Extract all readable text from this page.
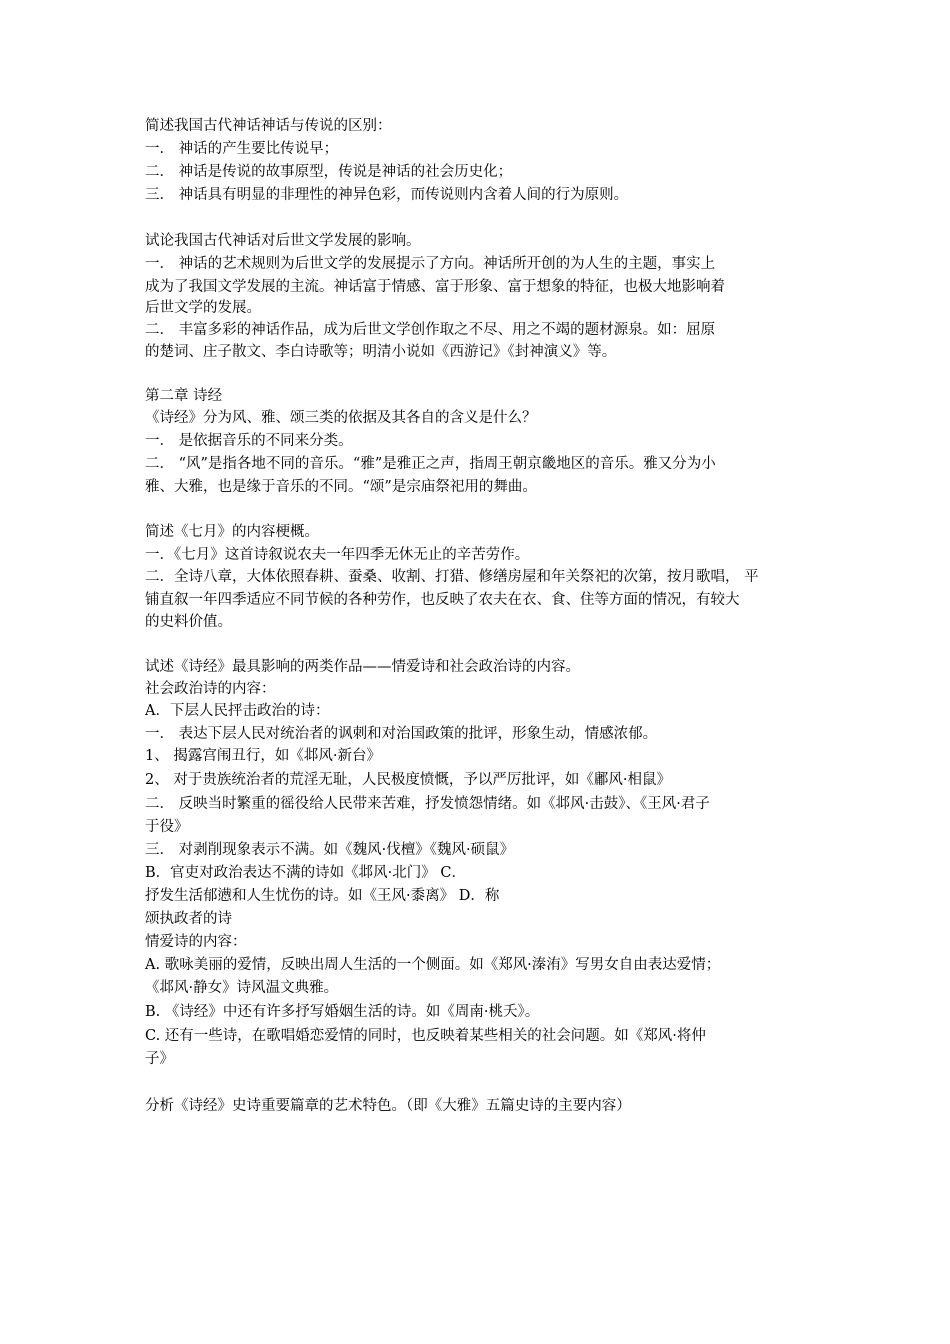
简述我国古代神话神话与传说的区别：
一． 神话的产生要比传说早；
二． 神话是传说的故事原型，传说是神话的社会历史化；
三． 神话具有明显的非理性的神异色彩，而传说则内含着人间的行为原则。
试论我国古代神话对后世文学发展的影响。
一． 神话的艺术规则为后世文学的发展提示了方向。神话所开创的为人生的主题，事实上
成为了我国文学发展的主流。神话富于情感、富于形象、富于想象的特征，也极大地影响着
后世文学的发展。
二． 丰富多彩的神话作品，成为后世文学创作取之不尽、用之不竭的题材源泉。如：屈原
的楚词、庄子散文、李白诗歌等；明清小说如《西游记》《封神演义》等。
第二章 诗经
《诗经》分为风、雅、颂三类的依据及其各自的含义是什么？
一． 是依据音乐的不同来分类。
二． “风”是指各地不同的音乐。“雅”是雅正之声，指周王朝京畿地区的音乐。雅又分为小
雅、大雅，也是缘于音乐的不同。“颂”是宗庙祭祀用的舞曲。
简述《七月》的内容梗概。
一．《七月》这首诗叙说农夫一年四季无休无止的辛苦劳作。
二．全诗八章，大体依照春耕、蚕桑、收割、打猎、修缮房屋和年关祭祀的次第，按月歌唱， 平
铺直叙一年四季适应不同节候的各种劳作，也反映了农夫在衣、食、住等方面的情况，有较大
的史料价值。
试述《诗经》最具影响的两类作品——情爱诗和社会政治诗的内容。
社会政治诗的内容：
A．下层人民抨击政治的诗：
一． 表达下层人民对统治者的讽刺和对治国政策的批评，形象生动，情感浓郁。
1、 揭露宫闱丑行，如《邶风·新台》
2、 对于贵族统治者的荒淫无耻，人民极度愤慨，予以严厉批评，如《鄘风·相鼠》
二． 反映当时繁重的徭役给人民带来苦难，抒发愤怨情绪。如《邶风·击鼓》、《王风·君子
于役》
三． 对剥削现象表示不满。如《魏风·伐檀》《魏风·硕鼠》
B．官吏对政治表达不满的诗如《邶风·北门》 C．
抒发生活郁懑和人生忧伤的诗。如《王风·黍离》 D．称
颂执政者的诗
情爱诗的内容：
A. 歌咏美丽的爱情，反映出周人生活的一个侧面。如《郑风·溱洧》写男女自由表达爱情；
《邶风·静女》诗风温文典雅。
B. 《诗经》中还有许多抒写婚姻生活的诗。如《周南·桃夭》。
C. 还有一些诗，在歌唱婚恋爱情的同时，也反映着某些相关的社会问题。如《郑风·将仲
子》
分析《诗经》史诗重要篇章的艺术特色。（即《大雅》五篇史诗的主要内容）
